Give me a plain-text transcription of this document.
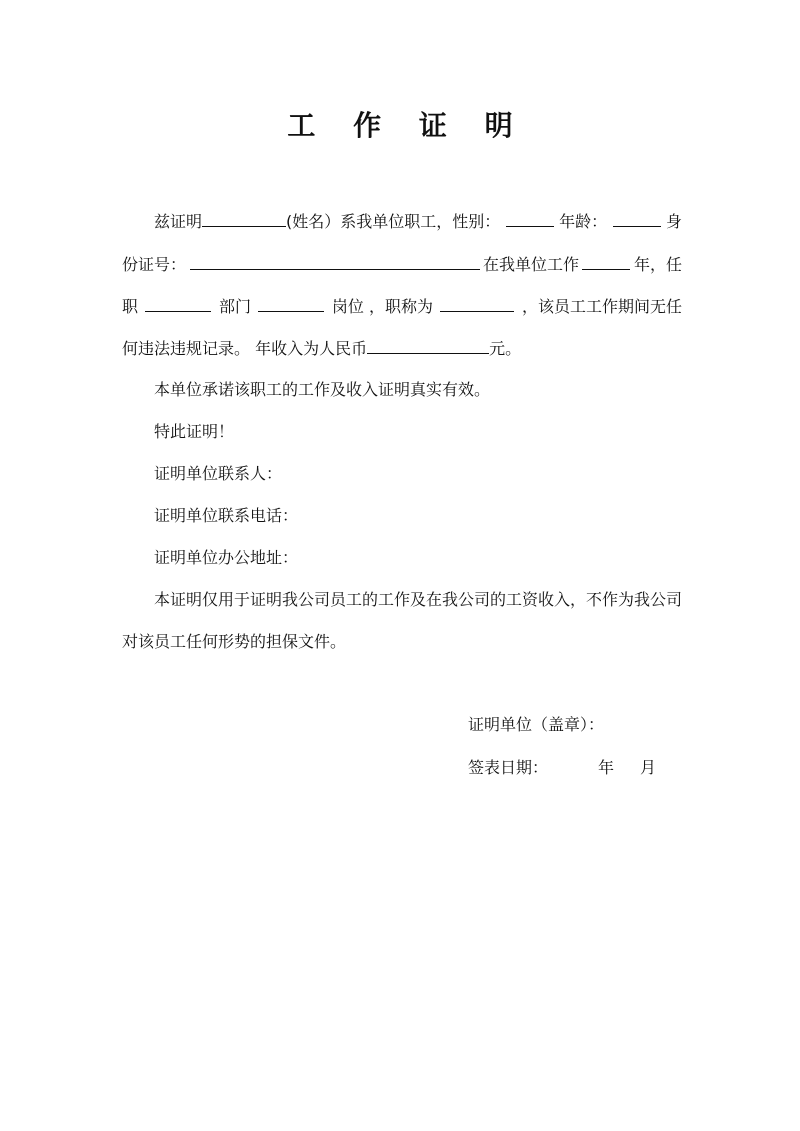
工 作 证 明
兹证明	(姓名）系我单位职工，性别：	年龄：	身
份证号：	在我单位工作	年，任
职	部门	岗位 ，职称为	，该员工工作期间无任
何违法违规记录。 年收入为人民币	元。
本单位承诺该职工的工作及收入证明真实有效。
特此证明！
证明单位联系人：
证明单位联系电话：
证明单位办公地址：
本证明仅用于证明我公司员工的工作及在我公司的工资收入，不作为我公司
对该员工任何形势的担保文件。
证明单位（盖章）：
签表日期：	年 月
